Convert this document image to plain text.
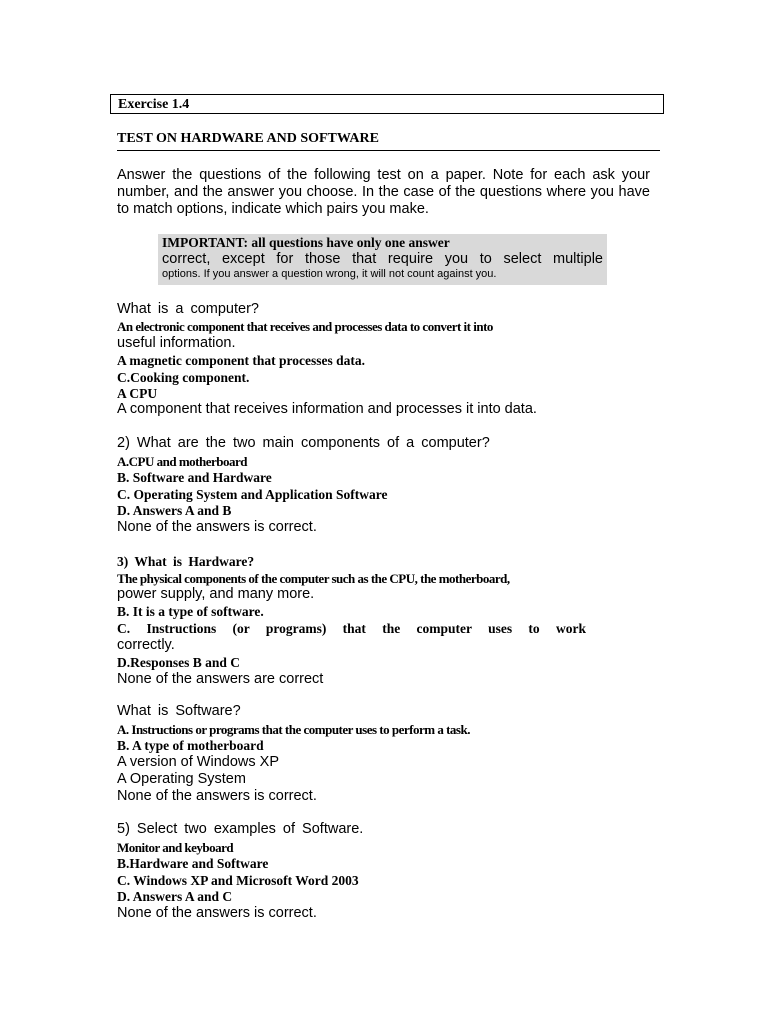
Exercise 1.4
TEST ON HARDWARE AND SOFTWARE
Answer the questions of the following test on a paper. Note for each ask your number, and the answer you choose. In the case of the questions where you have to match options, indicate which pairs you make.
IMPORTANT: all questions have only one answer
correct, except for those that require you to select multiple
options. If you answer a question wrong, it will not count against you.
What is a computer?
An electronic component that receives and processes data to convert it into
useful information.
A magnetic component that processes data.
C.Cooking component.
A CPU
A component that receives information and processes it into data.
2) What are the two main components of a computer?
A.CPU and motherboard
B. Software and Hardware
C. Operating System and Application Software
D. Answers A and B
None of the answers is correct.
3) What is Hardware?
The physical components of the computer such as the CPU, the motherboard,
power supply, and many more.
B. It is a type of software.
C. Instructions (or programs) that the computer uses to work
correctly.
D.Responses B and C
None of the answers are correct
What is Software?
A. Instructions or programs that the computer uses to perform a task.
B. A type of motherboard
A version of Windows XP
A Operating System
None of the answers is correct.
5) Select two examples of Software.
Monitor and keyboard
B.Hardware and Software
C. Windows XP and Microsoft Word 2003
D. Answers A and C
None of the answers is correct.
